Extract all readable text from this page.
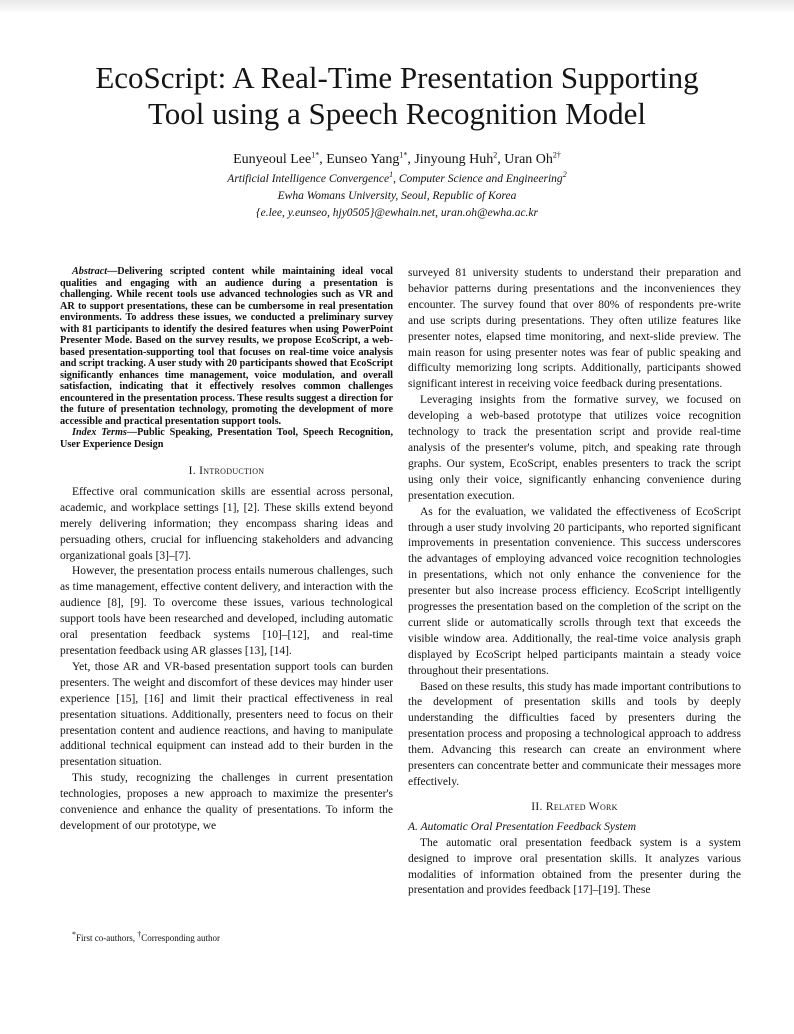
EcoScript: A Real-Time Presentation Supporting
Tool using a Speech Recognition Model
Eunyeoul Lee$^{1*}$, Eunseo Yang$^{1*}$, Jinyoung Huh$^2$, Uran $Oh^{2\dagger}$
Artificial Intelligence Convergence$^1$, Computer Science and Engineering$^2$
Ewha Womans University, Seoul, Republic of Korea
{e.lee, y.eunseo, hjy0505}@ewhain.net, uran.oh@ewha.ac.kr

Abstract—Delivering scripted content while maintaining ideal vocal qualities and engaging with an audience during a presentation is challenging. While recent tools use advanced technologies such as VR and AR to support presentations, these can be cumbersome in real presentation environments. To address these issues, we conducted a preliminary survey with 81 participants to identify the desired features when using PowerPoint Presenter Mode. Based on the survey results, we propose EcoScript, a web-based presentation-supporting tool that focuses on real-time voice analysis and script tracking. A user study with 20 participants showed that EcoScript significantly enhances time management, voice modulation, and overall satisfaction, indicating that it effectively resolves common challenges encountered in the presentation process. These results suggest a direction for the future of presentation technology, promoting the development of more accessible and practical presentation support tools.

Index Terms—Public Speaking, Presentation Tool, Speech Recognition, User Experience Design

I. Introduction

Effective oral communication skills are essential across personal, academic, and workplace settings [1], [2]. These skills extend beyond merely delivering information; they encompass sharing ideas and persuading others, crucial for influencing stakeholders and advancing organizational goals [3]–[7].

However, the presentation process entails numerous challenges, such as time management, effective content delivery, and interaction with the audience [8], [9]. To overcome these issues, various technological support tools have been researched and developed, including automatic oral presentation feedback systems [10]–[12], and real-time presentation feedback using AR glasses [13], [14].

Yet, those AR and VR-based presentation support tools can burden presenters. The weight and discomfort of these devices may hinder user experience [15], [16] and limit their practical effectiveness in real presentation situations. Additionally, presenters need to focus on their presentation content and audience reactions, and having to manipulate additional technical equipment can instead add to their burden in the presentation situation.

This study, recognizing the challenges in current presentation technologies, proposes a new approach to maximize the presenter's convenience and enhance the quality of presentations. To inform the development of our prototype, we

*First co-authors, †Corresponding author

surveyed 81 university students to understand their preparation and behavior patterns during presentations and the inconveniences they encounter. The survey found that over 80% of respondents pre-write and use scripts during presentations. They often utilize features like presenter notes, elapsed time monitoring, and next-slide preview. The main reason for using presenter notes was fear of public speaking and difficulty memorizing long scripts. Additionally, participants showed significant interest in receiving voice feedback during presentations.

Leveraging insights from the formative survey, we focused on developing a web-based prototype that utilizes voice recognition technology to track the presentation script and provide real-time analysis of the presenter's volume, pitch, and speaking rate through graphs. Our system, EcoScript, enables presenters to track the script using only their voice, significantly enhancing convenience during presentation execution.

As for the evaluation, we validated the effectiveness of EcoScript through a user study involving 20 participants, who reported significant improvements in presentation convenience. This success underscores the advantages of employing advanced voice recognition technologies in presentations, which not only enhance the convenience for the presenter but also increase process efficiency. EcoScript intelligently progresses the presentation based on the completion of the script on the current slide or automatically scrolls through text that exceeds the visible window area. Additionally, the real-time voice analysis graph displayed by EcoScript helped participants maintain a steady voice throughout their presentations.

Based on these results, this study has made important contributions to the development of presentation skills and tools by deeply understanding the difficulties faced by presenters during the presentation process and proposing a technological approach to address them. Advancing this research can create an environment where presenters can concentrate better and communicate their messages more effectively.

II. Related Work

A. Automatic Oral Presentation Feedback System

The automatic oral presentation feedback system is a system designed to improve oral presentation skills. It analyzes various modalities of information obtained from the presenter during the presentation and provides feedback [17]–[19]. These
